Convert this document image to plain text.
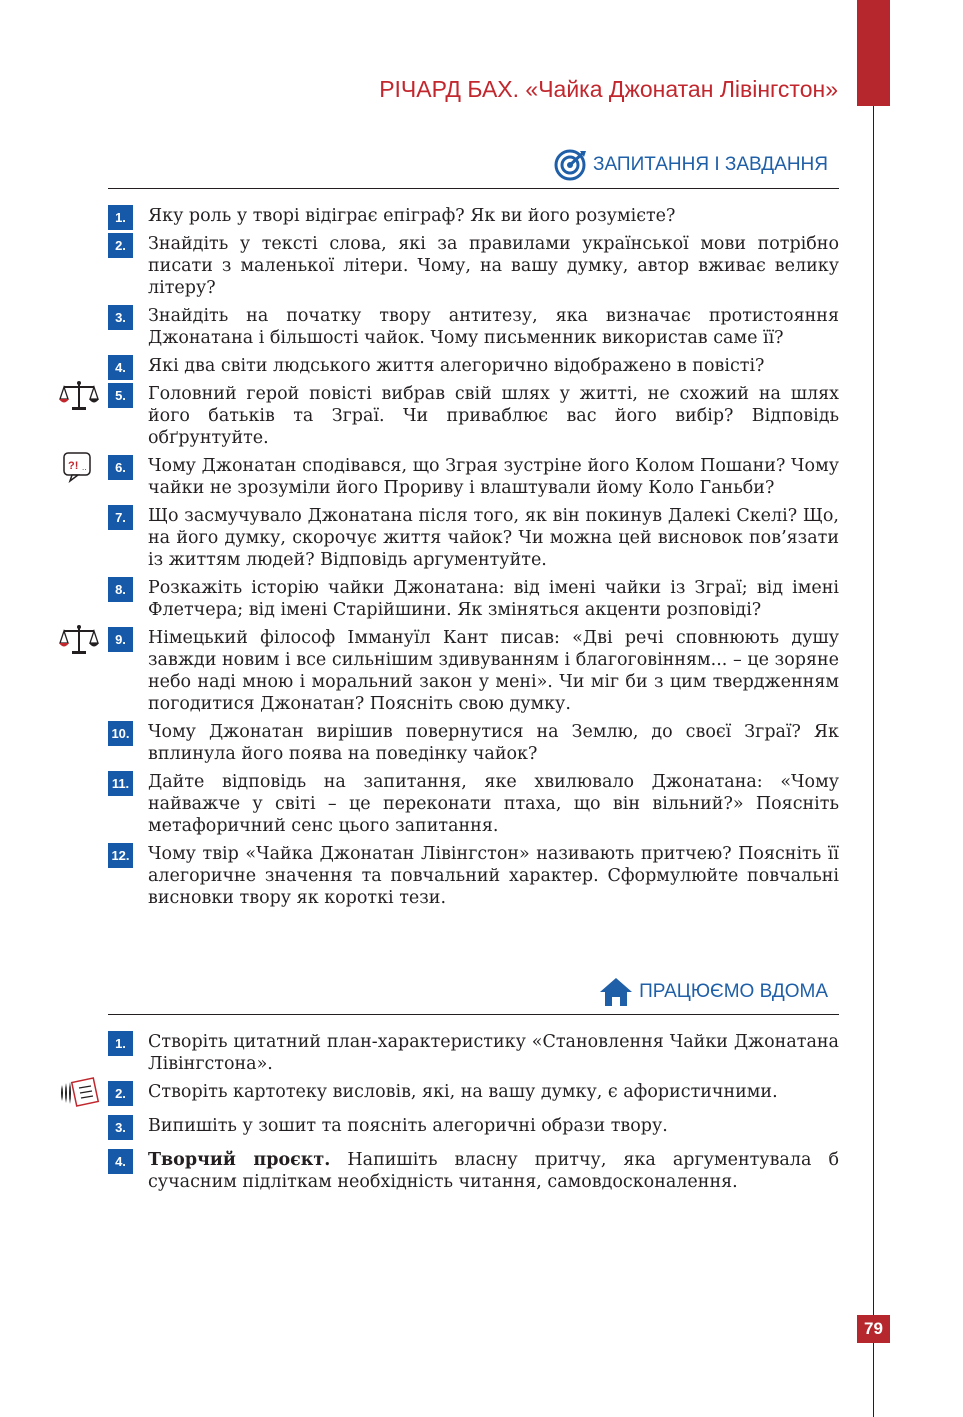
РІЧАРД БАХ. «Чайка Джонатан Лівінгстон»
ЗАПИТАННЯ І ЗАВДАННЯ
1.	Яку роль у творі відіграє епіграф? Як ви його розумієте?
2.	Знайдіть у тексті слова, які за правилами української мови потрібно писати з маленької літери. Чому, на вашу думку, автор вживає велику літеру?
3.	Знайдіть на початку твору антитезу, яка визначає протистояння Джонатана і більшості чайок. Чому письменник використав саме її?
4.	Які два світи людського життя алегорично відображено в повісті?
5.	Головний герой повісті вибрав свій шлях у житті, не схожий на шлях його батьків та Зграї. Чи приваблює вас його вибір? Відповідь обґрунтуйте.
?! ..	6.	Чому Джонатан сподівався, що Зграя зустріне його Колом Пошани? Чому чайки не зрозуміли його Прориву і влаштували йому Коло Ганьби?
7.	Що засмучувало Джонатана після того, як він покинув Далекі Скелі? Що, на його думку, скорочує життя чайок? Чи можна цей висновок пов’язати із життям людей? Відповідь аргументуйте.
8.	Розкажіть історію чайки Джонатана: від імені чайки із Зграї; від імені Флетчера; від імені Старійшини. Як зміняться акценти розповіді?
9.	Німецький філософ Іммануїл Кант писав: «Дві речі сповнюють душу завжди новим і все сильнішим здивуванням і благоговінням... – це зоряне небо наді мною і моральний закон у мені». Чи міг би з цим твердженням погодитися Джонатан? Поясніть свою думку.
10. Чому Джонатан вирішив повернутися на Землю, до своєї Зграї? Як вплинула його поява на поведінку чайок?
11. Дайте відповідь на запитання, яке хвилювало Джонатана: «Чому найважче у світі – це переконати птаха, що він вільний?» Поясніть метафоричний сенс цього запитання.
12. Чому твір «Чайка Джонатан Лівінгстон» називають притчею? Поясніть її алегоричне значення та повчальний характер. Сформулюйте повчальні висновки твору як короткі тези.
ПРАЦЮЄМО ВДОМА
1.	Створіть цитатний план-характеристику «Становлення Чайки Джонатана Лівінгстона».
2.	Створіть картотеку висловів, які, на вашу думку, є афористичними.
3.	Випишіть у зошит та поясніть алегоричні образи твору.
4.	Творчий проєкт. Напишіть власну притчу, яка аргументувала б сучасним підліткам необхідність читання, самовдосконалення.
79
